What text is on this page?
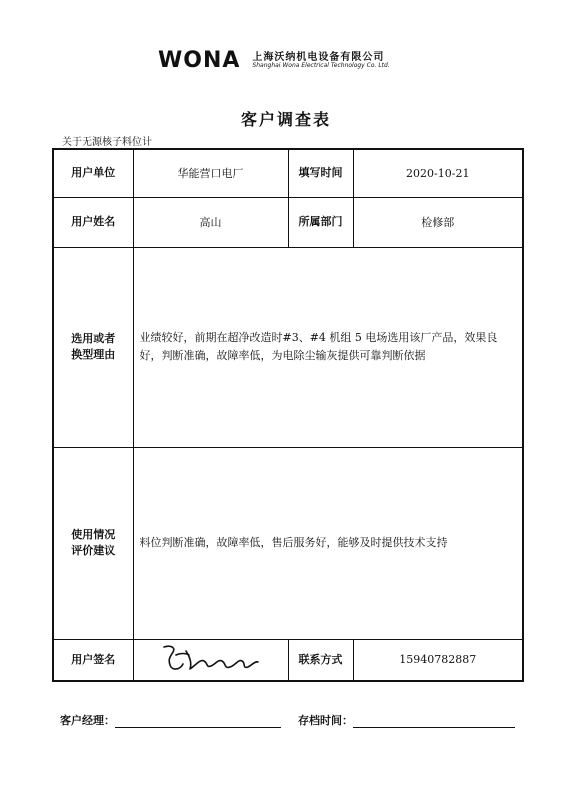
WONA 上海沃纳机电设备有限公司
Shanghai Wona Electrical Technology Co. Ltd.
客户调查表
关于无源核子料位计
用户单位	华能营口电厂	填写时间	2020-10-21
用户姓名	高山	所属部门	检修部

选用或者
换型理由	业绩较好，前期在超净改造时#3、#4 机组 5 电场选用该厂产品，效果良好，判断准确，故障率低，为电除尘输灰提供可靠判断依据		

使用情况
评价建议	料位判断准确，故障率低，售后服务好，能够及时提供技术支持		
用户签名		联系方式	15940782887
客户经理：	存档时间：
